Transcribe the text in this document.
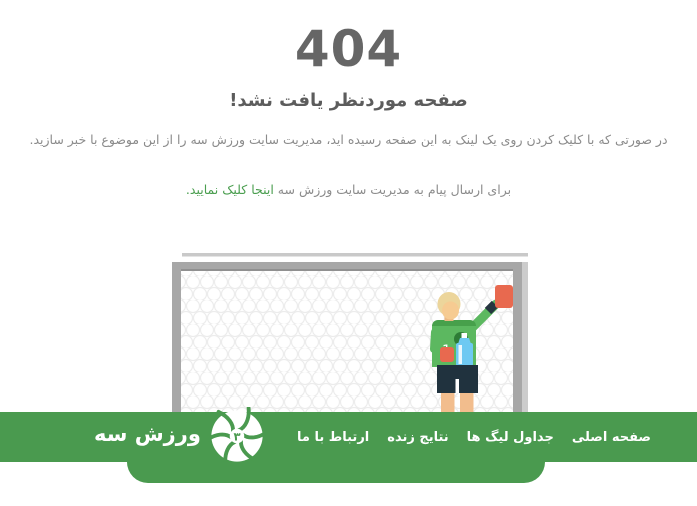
404
صفحه موردنظر یافت نشد!
در صورتی که با کلیک کردن روی یک لینک به این صفحه رسیده اید، مدیریت سایت ورزش سه را از این موضوع با خبر سازید.
برای ارسال پیام به مدیریت سایت ورزش سه اینجا کلیک نمایید.
صفحه اصلی
جداول لیگ ها
نتایج زنده
ارتباط با ما
۳
ورزش سه
